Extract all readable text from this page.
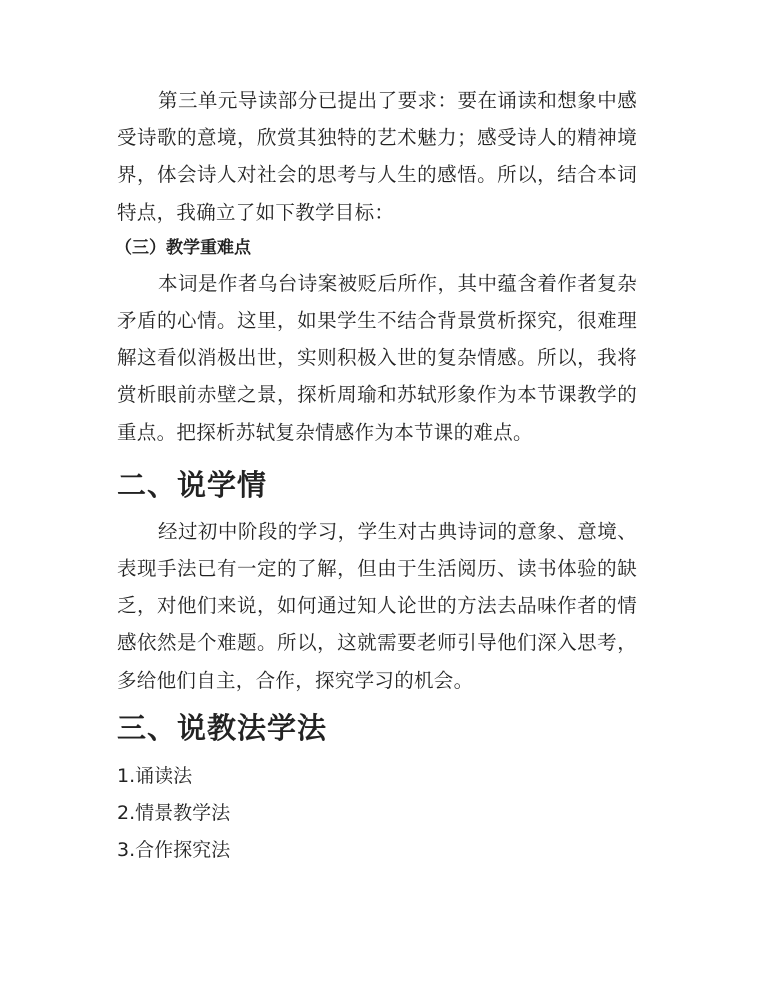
第三单元导读部分已提出了要求：要在诵读和想象中感受诗歌的意境，欣赏其独特的艺术魅力；感受诗人的精神境界，体会诗人对社会的思考与人生的感悟。所以，结合本词特点，我确立了如下教学目标：

（三）教学重难点

本词是作者乌台诗案被贬后所作，其中蕴含着作者复杂矛盾的心情。这里，如果学生不结合背景赏析探究，很难理解这看似消极出世，实则积极入世的复杂情感。所以，我将赏析眼前赤壁之景，探析周瑜和苏轼形象作为本节课教学的重点。把探析苏轼复杂情感作为本节课的难点。

二、说学情

经过初中阶段的学习，学生对古典诗词的意象、意境、表现手法已有一定的了解，但由于生活阅历、读书体验的缺乏，对他们来说，如何通过知人论世的方法去品味作者的情感依然是个难题。所以，这就需要老师引导他们深入思考，多给他们自主，合作，探究学习的机会。

三、说教法学法

1.诵读法

2.情景教学法

3.合作探究法
